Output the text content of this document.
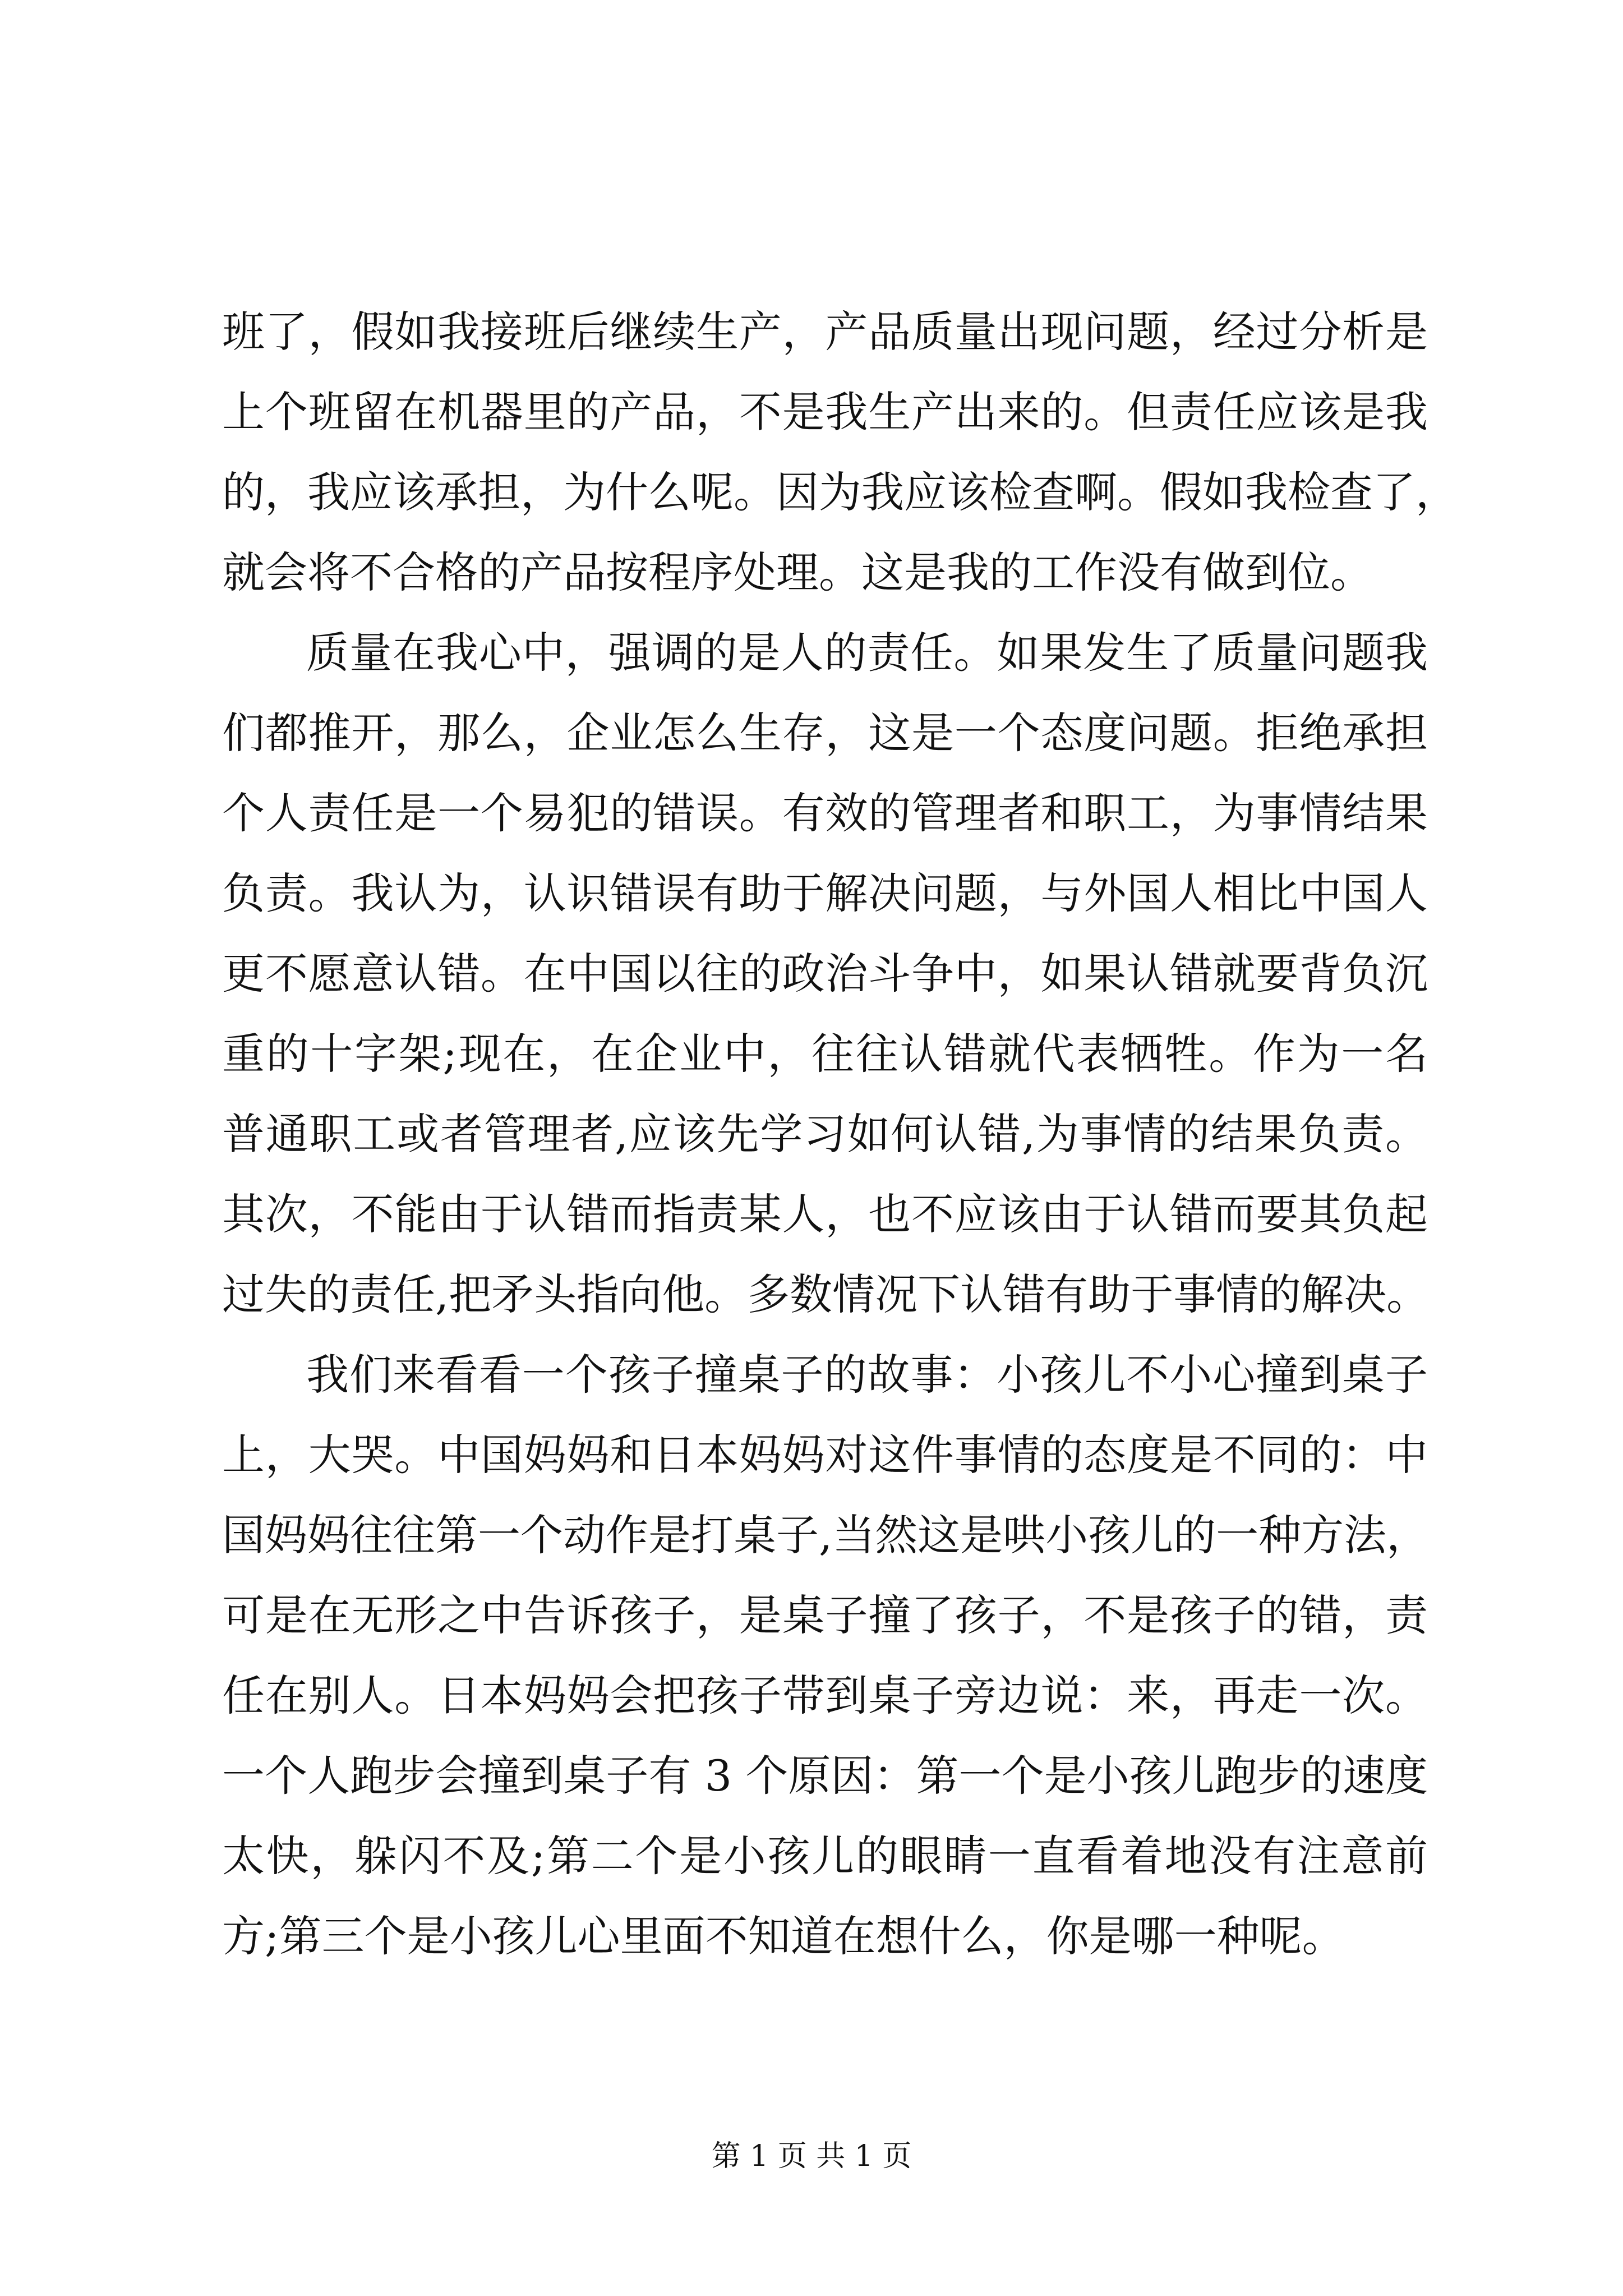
班了，假如我接班后继续生产，产品质量出现问题，经过分析是
上个班留在机器里的产品，不是我生产出来的。但责任应该是我
的，我应该承担，为什么呢。因为我应该检查啊。假如我检查了，
就会将不合格的产品按程序处理。这是我的工作没有做到位。
质量在我心中，强调的是人的责任。如果发生了质量问题我
们都推开，那么，企业怎么生存，这是一个态度问题。拒绝承担
个人责任是一个易犯的错误。有效的管理者和职工，为事情结果
负责。我认为，认识错误有助于解决问题，与外国人相比中国人
更不愿意认错。在中国以往的政治斗争中，如果认错就要背负沉
重的十字架;现在，在企业中，往往认错就代表牺牲。作为一名
普通职工或者管理者,应该先学习如何认错,为事情的结果负责。
其次，不能由于认错而指责某人，也不应该由于认错而要其负起
过失的责任,把矛头指向他。多数情况下认错有助于事情的解决。
我们来看看一个孩子撞桌子的故事：小孩儿不小心撞到桌子
上，大哭。中国妈妈和日本妈妈对这件事情的态度是不同的：中
国妈妈往往第一个动作是打桌子,当然这是哄小孩儿的一种方法，
可是在无形之中告诉孩子，是桌子撞了孩子，不是孩子的错，责
任在别人。日本妈妈会把孩子带到桌子旁边说：来，再走一次。
一个人跑步会撞到桌子有 3 个原因：第一个是小孩儿跑步的速度
太快，躲闪不及;第二个是小孩儿的眼睛一直看着地没有注意前
方;第三个是小孩儿心里面不知道在想什么，你是哪一种呢。
第 1 页 共 1 页
